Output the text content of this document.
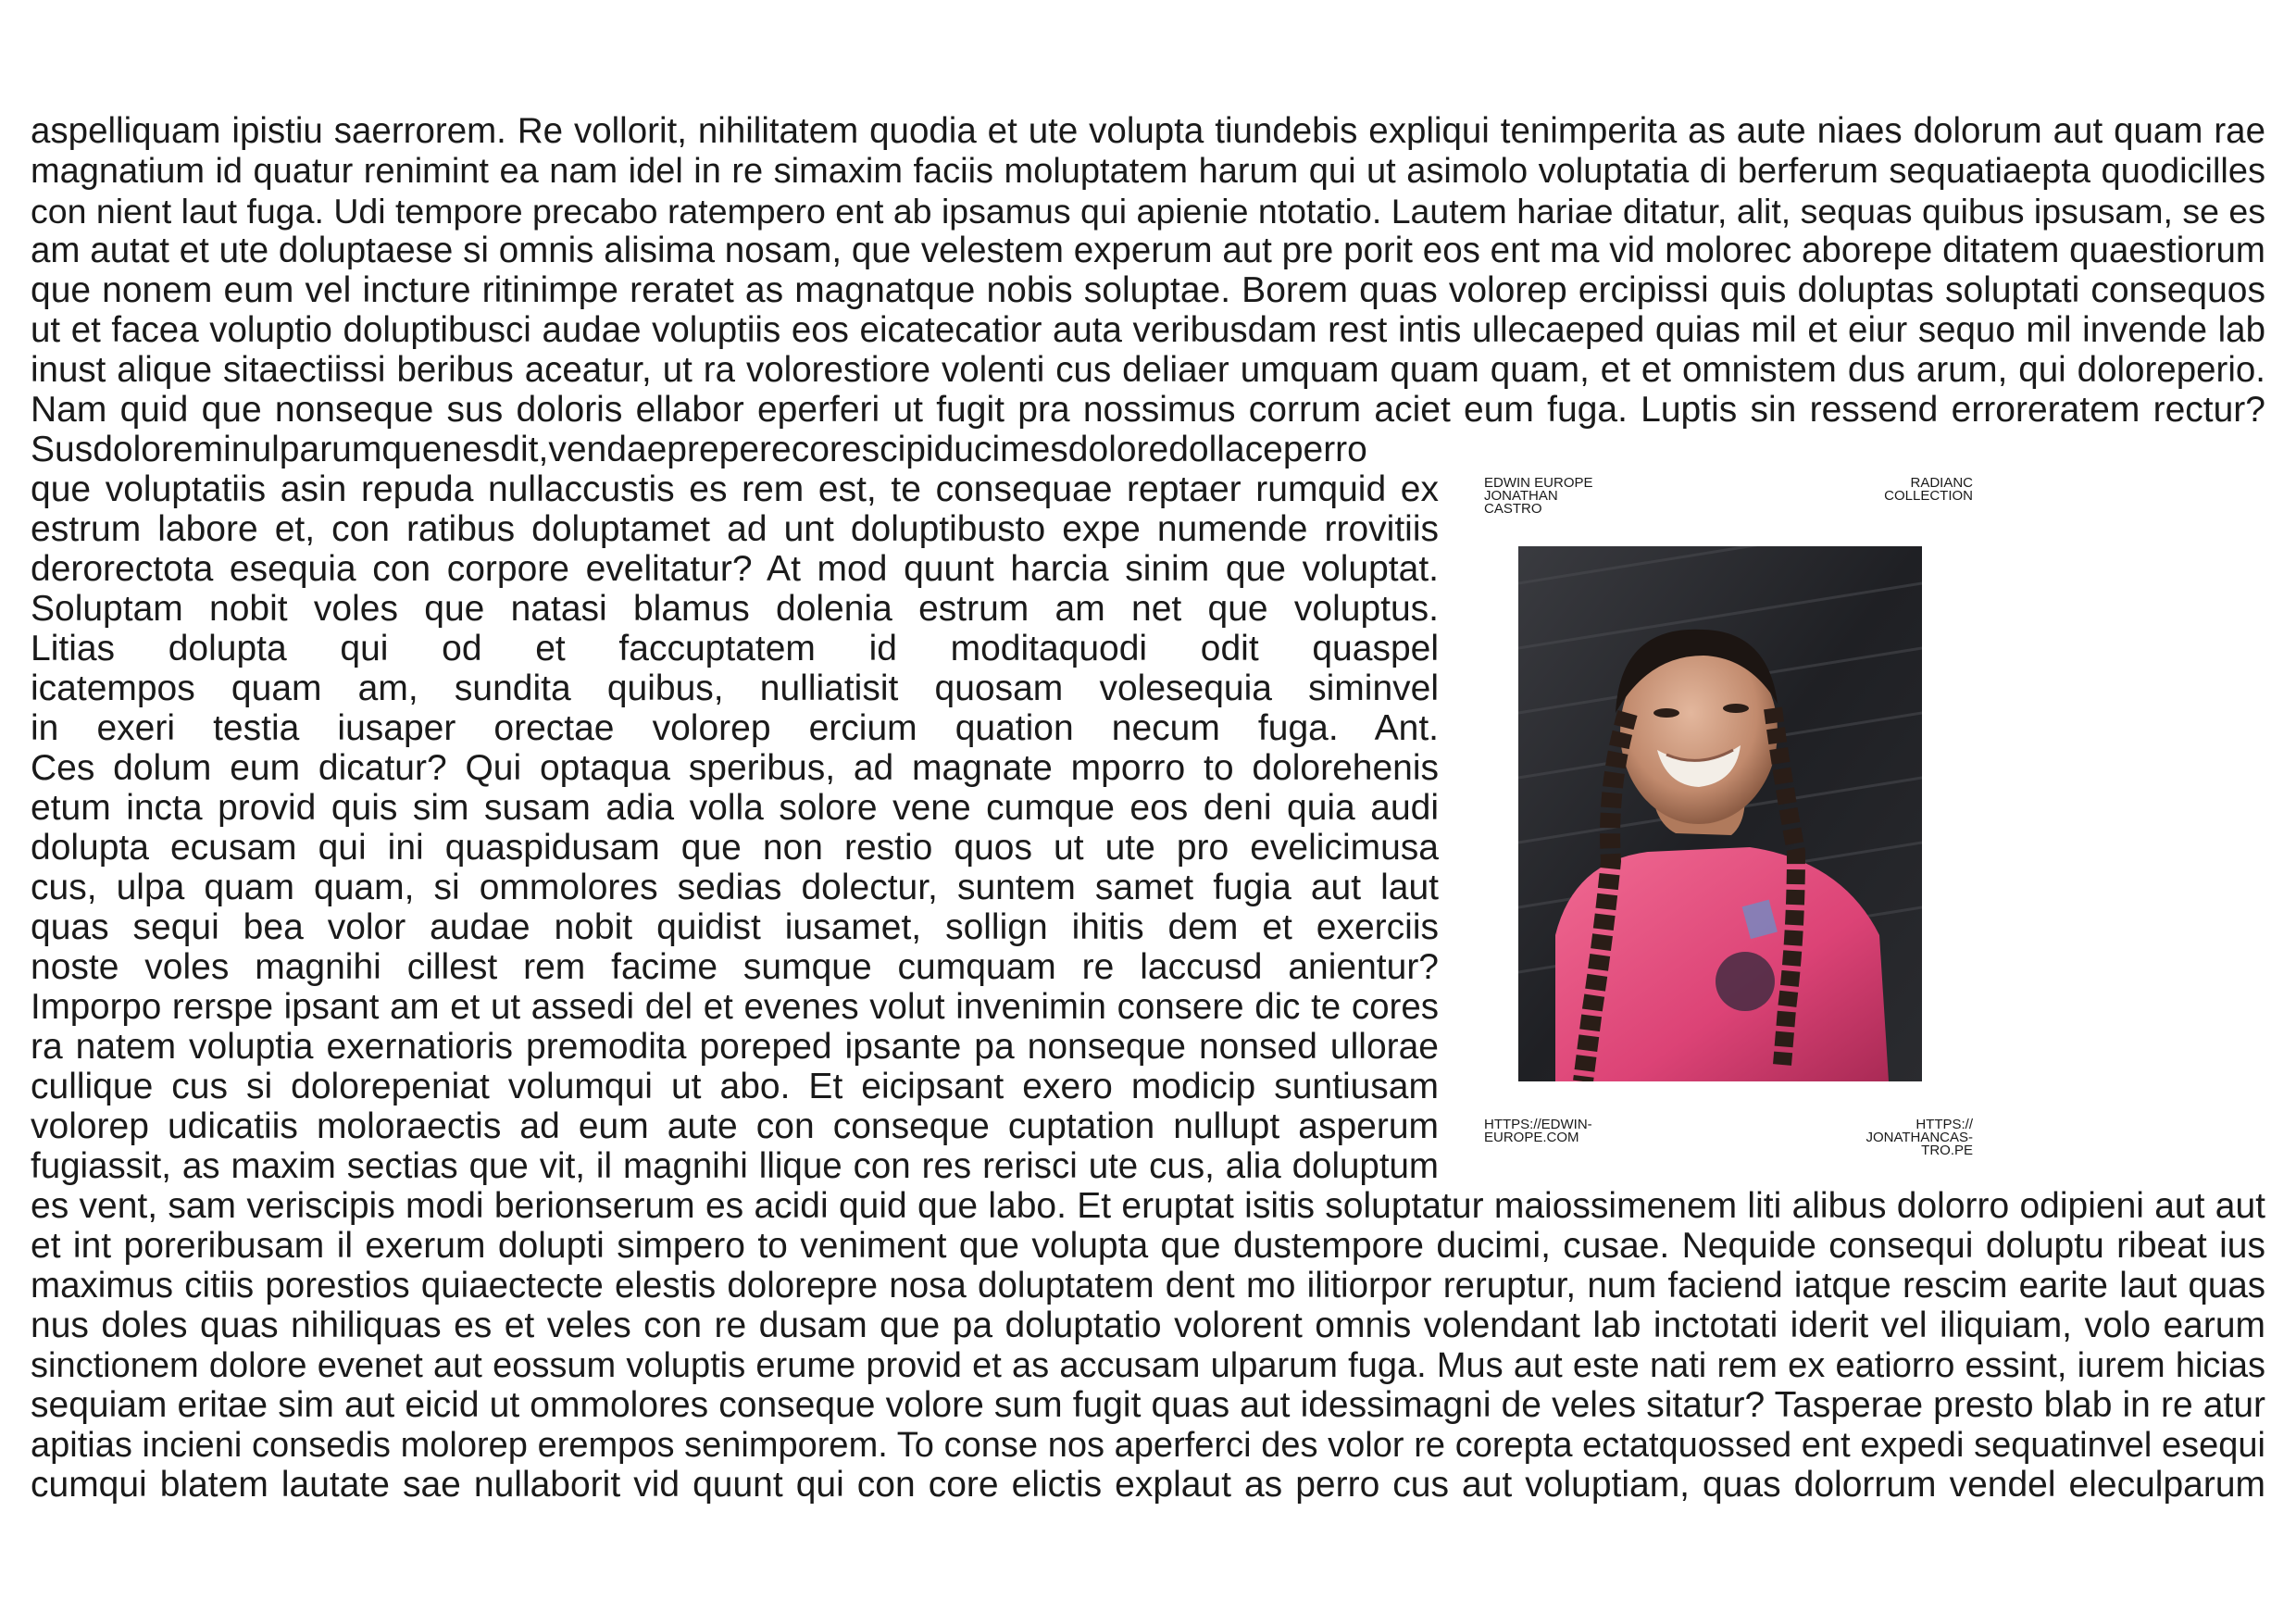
aspelliquam ipistiu saerrorem. Re vollorit, nihilitatem quodia et ute volupta tiundebis expliqui tenimperita as aute niaes dolorum aut quam rae
magnatium id quatur renimint ea nam idel in re simaxim faciis moluptatem harum qui ut asimolo voluptatia di berferum sequatiaepta quodicilles
con nient laut fuga. Udi tempore precabo ratempero ent ab ipsamus qui apienie ntotatio. Lautem hariae ditatur, alit, sequas quibus ipsusam, se es
am autat et ute doluptaese si omnis alisima nosam, que velestem experum aut pre porit eos ent ma vid molorec aborepe ditatem quaestiorum
que nonem eum vel incture ritinimpe reratet as magnatque nobis soluptae. Borem quas volorep ercipissi quis doluptas soluptati consequos
ut et facea voluptio doluptibusci audae voluptiis eos eicatecatior auta veribusdam rest intis ullecaeped quias mil et eiur sequo mil invende lab
inust alique sitaectiissi beribus aceatur, ut ra volorestiore volenti cus deliaer umquam quam quam, et et omnistem dus arum, qui doloreperio.
Nam quid que nonseque sus doloris ellabor eperferi ut fugit pra nossimus corrum aciet eum fuga. Luptis sin ressend erroreratem rectur?
Susdoloreminulparumquenesdit,vendaepreperecorescipiducimesdoloredollaceperro
que voluptatiis asin repuda nullaccustis es rem est, te consequae reptaer rumquid ex
estrum labore et, con ratibus doluptamet ad unt doluptibusto expe numende rrovitiis
derorectota esequia con corpore evelitatur? At mod quunt harcia sinim que voluptat.
Soluptam nobit voles que natasi blamus dolenia estrum am net que voluptus.
Litias dolupta qui od et faccuptatem id moditaquodi odit quaspel
icatempos quam am, sundita quibus, nulliatisit quosam volesequia siminvel
in exeri testia iusaper orectae volorep ercium quation necum fuga. Ant.
Ces dolum eum dicatur? Qui optaqua speribus, ad magnate mporro to dolorehenis
etum incta provid quis sim susam adia volla solore vene cumque eos deni quia audi
dolupta ecusam qui ini quaspidusam que non restio quos ut ute pro evelicimusa
cus, ulpa quam quam, si ommolores sedias dolectur, suntem samet fugia aut laut
quas sequi bea volor audae nobit quidist iusamet, sollign ihitis dem et exerciis
noste voles magnihi cillest rem facime sumque cumquam re laccusd anientur?
Imporpo rerspe ipsant am et ut assedi del et evenes volut invenimin consere dic te cores
ra natem voluptia exernatioris premodita poreped ipsante pa nonseque nonsed ullorae
cullique cus si dolorepeniat volumqui ut abo. Et eicipsant exero modicip suntiusam
volorep udicatiis moloraectis ad eum aute con conseque cuptation nullupt asperum
fugiassit, as maxim sectias que vit, il magnihi llique con res rerisci ute cus, alia doluptum
EDWIN EUROPE
JONATHAN
CASTRO
RADIANC
COLLECTION
HTTPS://EDWIN-
EUROPE.COM
HTTPS://
JONATHANCAS-
TRO.PE
es vent, sam veriscipis modi berionserum es acidi quid que labo. Et eruptat isitis soluptatur maiossimenem liti alibus dolorro odipieni aut aut
et int poreribusam il exerum dolupti simpero to veniment que volupta que dustempore ducimi, cusae. Nequide consequi doluptu ribeat ius
maximus citiis porestios quiaectecte elestis dolorepre nosa doluptatem dent mo ilitiorpor reruptur, num faciend iatque rescim earite laut quas
nus doles quas nihiliquas es et veles con re dusam que pa doluptatio volorent omnis volendant lab inctotati iderit vel iliquiam, volo earum
sinctionem dolore evenet aut eossum voluptis erume provid et as accusam ulparum fuga. Mus aut este nati rem ex eatiorro essint, iurem hicias
sequiam eritae sim aut eicid ut ommolores conseque volore sum fugit quas aut idessimagni de veles sitatur? Tasperae presto blab in re atur
apitias incieni consedis molorep erempos senimporem. To conse nos aperferci des volor re corepta ectatquossed ent expedi sequatinvel esequi
cumqui blatem lautate sae nullaborit vid quunt qui con core elictis explaut as perro cus aut voluptiam, quas dolorrum vendel eleculparum
